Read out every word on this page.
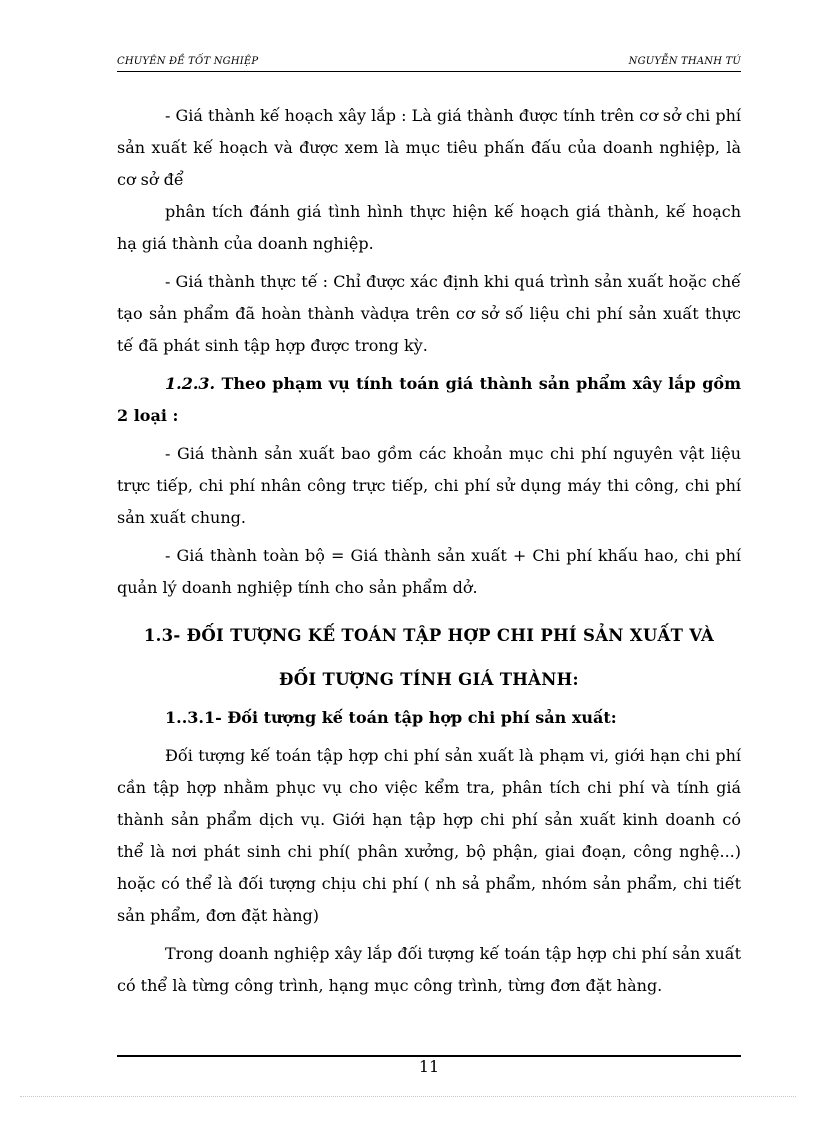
CHUYÊN ĐỀ TỐT NGHIỆP	NGUYỄN THANH TÚ

- Giá thành kế hoạch xây lắp : Là giá thành được tính trên cơ sở chi phí sản xuất kế hoạch và được xem là mục tiêu phấn đấu của doanh nghiệp, là cơ sở để

phân tích đánh giá tình hình thực hiện kế hoạch giá thành, kế hoạch hạ giá thành của doanh nghiệp.

- Giá thành thực tế : Chỉ được xác định khi quá trình sản xuất hoặc chế tạo sản phẩm đã hoàn thành vàdựa trên cơ sở số liệu chi phí sản xuất thực tế đã phát sinh tập hợp được trong kỳ.

1.2.3. Theo phạm vụ tính toán giá thành sản phẩm xây lắp gồm 2 loại :

- Giá thành sản xuất bao gồm các khoản mục chi phí nguyên vật liệu trực tiếp, chi phí nhân công trực tiếp, chi phí sử dụng máy thi công, chi phí sản xuất chung.

- Giá thành toàn bộ = Giá thành sản xuất + Chi phí khấu hao, chi phí quản lý doanh nghiệp tính cho sản phẩm dở.

1.3- ĐỐI TƯỢNG KẾ TOÁN TẬP HỢP CHI PHÍ SẢN XUẤT VÀ

ĐỐI TƯỢNG TÍNH GIÁ THÀNH:

1..3.1- Đối tượng kế toán tập hợp chi phí sản xuất:

Đối tượng kế toán tập hợp chi phí sản xuất là phạm vi, giới hạn chi phí cần tập hợp nhằm phục vụ cho việc kểm tra, phân tích chi phí và tính giá thành sản phẩm dịch vụ. Giới hạn tập hợp chi phí sản xuất kinh doanh có thể là nơi phát sinh chi phí( phân xưởng, bộ phận, giai đoạn, công nghệ...) hoặc có thể là đối tượng chịu chi phí ( nh sả phẩm, nhóm sản phẩm, chi tiết sản phẩm, đơn đặt hàng)

Trong doanh nghiệp xây lắp đối tượng kế toán tập hợp chi phí sản xuất có thể là từng công trình, hạng mục công trình, từng đơn đặt hàng.

11
